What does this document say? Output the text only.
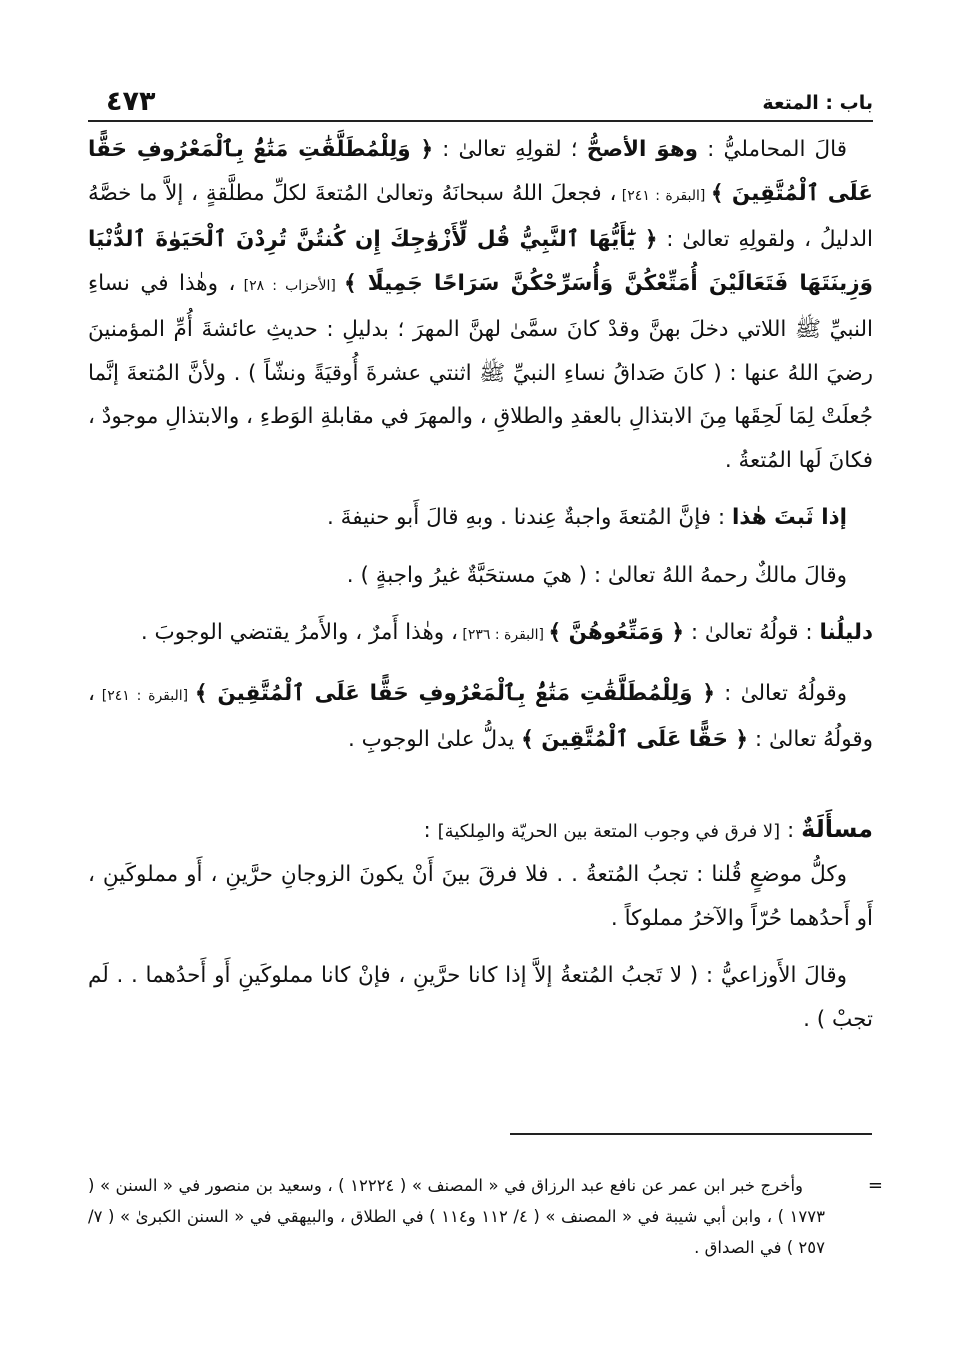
باب : المتعة
٤٧٣

قالَ المحامليُّ : وهوَ الأصحُّ ؛ لقولِهِ تعالىٰ : ﴿ وَلِلْمُطَلَّقَٰتِ مَتَٰعُۢ بِٱلْمَعْرُوفِ حَقًّا عَلَى ٱلْمُتَّقِينَ ﴾ [البقرة : ٢٤١] ، فجعلَ اللهُ سبحانَهُ وتعالىٰ المُتعةَ لكلِّ مطلَّقةٍ ، إلاَّ ما خصَّهُ الدليلُ ، ولقولِهِ تعالىٰ : ﴿ يَٰٓأَيُّهَا ٱلنَّبِيُّ قُل لِّأَزْوَٰجِكَ إِن كُنتُنَّ تُرِدْنَ ٱلْحَيَوٰةَ ٱلدُّنْيَا وَزِينَتَهَا فَتَعَالَيْنَ أُمَتِّعْكُنَّ وَأُسَرِّحْكُنَّ سَرَاحًا جَمِيلًا ﴾ [الأحزاب : ٢٨] ، وهٰذا في نساءِ النبيِّ ﷺ اللاتي دخلَ بهنَّ وقدْ كانَ سمَّىٰ لهنَّ المهرَ ؛ بدليلِ : حديثِ عائشةَ أُمِّ المؤمنينَ رضيَ اللهُ عنها : ( كانَ صَداقُ نساءِ النبيِّ ﷺ اثنتي عشرةَ أُوقيَةً ونشّاً ) . ولأنَّ المُتعةَ إنَّما جُعلَتْ لِمَا لَحِقَها مِنَ الابتذالِ بالعقدِ والطلاقِ ، والمهرَ في مقابلةِ الوَطءِ ، والابتذالِ موجودٌ ، فكانَ لَها المُتعةُ .

إذا ثَبتَ هٰذا : فإنَّ المُتعةَ واجبةٌ عِندنا . وبهِ قالَ أَبو حنيفةَ .

وقالَ مالكٌ رحمهُ اللهُ تعالىٰ : ( هيَ مستحَبَّةٌ غيرُ واجبةٍ ) .

دليلُنا : قولُهُ تعالىٰ : ﴿ وَمَتِّعُوهُنَّ ﴾ [البقرة : ٢٣٦] ، وهٰذا أَمرٌ ، والأَمرُ يقتضي الوجوبَ .

وقولُهُ تعالىٰ : ﴿ وَلِلْمُطَلَّقَٰتِ مَتَٰعُۢ بِٱلْمَعْرُوفِ حَقًّا عَلَى ٱلْمُتَّقِينَ ﴾ [البقرة : ٢٤١] ، وقولُهُ تعالىٰ : ﴿ حَقًّا عَلَى ٱلْمُتَّقِينَ ﴾ يدلُّ علىٰ الوجوبِ .

مسأَلَةٌ : [لا فرق في وجوب المتعة بين الحريّة والمِلكية] :

وكلُّ موضعٍ قُلنا : تجبُ المُتعةُ . . فلا فرقَ بينَ أَنْ يكونَ الزوجانِ حرَّينِ ، أَو مملوكَينِ ، أَو أَحدُهما حُرّاً والآخرُ مملوكاً .

وقالَ الأَوزاعيُّ : ( لا تَجبُ المُتعةُ إلاَّ إذا كانا حرَّينِ ، فإنْ كانا مملوكَينِ أَو أَحدُهما . . لَم تجبْ ) .

=

وأخرج خبر ابن عمر عن نافع عبد الرزاق في « المصنف » ( ١٢٢٢٤ ) ، وسعيد بن منصور في « السنن » ( ١٧٧٣ ) ، وابن أبي شيبة في « المصنف » ( ٤/ ١١٢ و١١٤ ) في الطلاق ، والبيهقي في « السنن الكبرىٰ » ( ٧/ ٢٥٧ ) في الصداق .
